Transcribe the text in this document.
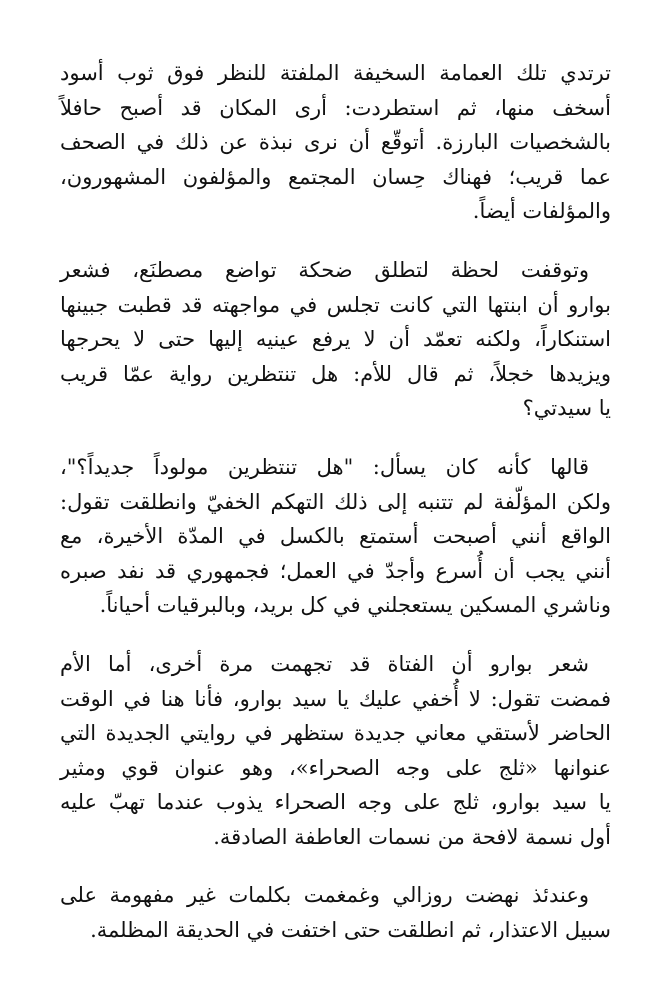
ترتدي تلك العمامة السخيفة الملفتة للنظر فوق ثوب أسود
أسخف منها، ثم استطردت: أرى المكان قد أصبح حافلاً
بالشخصيات البارزة. أتوقّع أن نرى نبذة عن ذلك في الصحف
عما قريب؛ فهناك حِسان المجتمع والمؤلفون المشهورون،
والمؤلفات أيضاً.
وتوقفت لحظة لتطلق ضحكة تواضع مصطنَع، فشعر
بوارو أن ابنتها التي كانت تجلس في مواجهته قد قطبت جبينها
استنكاراً، ولكنه تعمّد أن لا يرفع عينيه إليها حتى لا يحرجها
ويزيدها خجلاً، ثم قال للأم: هل تنتظرين رواية عمّا قريب
يا سيدتي؟
قالها كأنه كان يسأل: "هل تنتظرين مولوداً جديداً؟"،
ولكن المؤلّفة لم تتنبه إلى ذلك التهكم الخفيّ وانطلقت تقول:
الواقع أنني أصبحت أستمتع بالكسل في المدّة الأخيرة، مع
أنني يجب أن أُسرع وأجدّ في العمل؛ فجمهوري قد نفد صبره
وناشري المسكين يستعجلني في كل بريد، وبالبرقيات أحياناً.
شعر بوارو أن الفتاة قد تجهمت مرة أخرى، أما الأم
فمضت تقول: لا أُخفي عليك يا سيد بوارو، فأنا هنا في الوقت
الحاضر لأستقي معاني جديدة ستظهر في روايتي الجديدة التي
عنوانها «ثلج على وجه الصحراء»، وهو عنوان قوي ومثير
يا سيد بوارو، ثلج على وجه الصحراء يذوب عندما تهبّ عليه
أول نسمة لافحة من نسمات العاطفة الصادقة.
وعندئذ نهضت روزالي وغمغمت بكلمات غير مفهومة على
سبيل الاعتذار، ثم انطلقت حتى اختفت في الحديقة المظلمة.
